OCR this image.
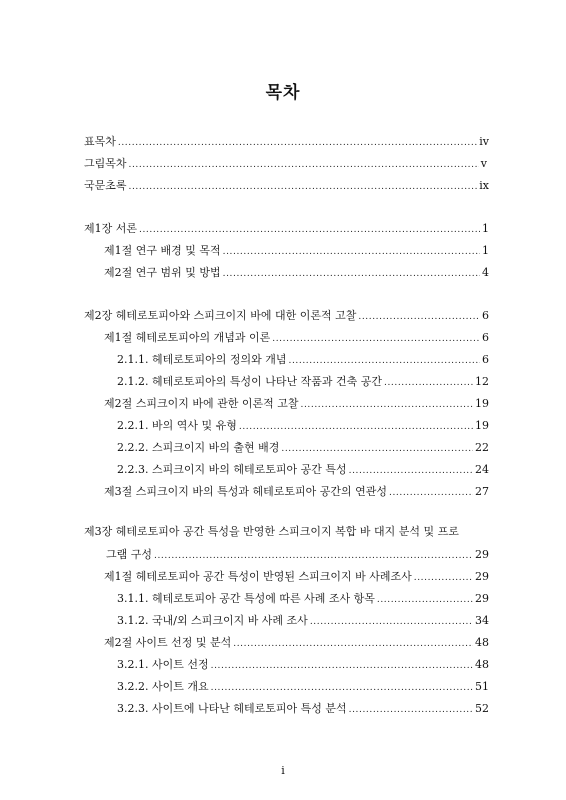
목차
표목차 .....	iv
그림목차 .....	v
국문초록 .....	ix
제1장 서론 .....	1
제1절 연구 배경 및 목적 .....	1
제2절 연구 범위 및 방법 .....	4
제2장 헤테로토피아와 스피크이지 바에 대한 이론적 고찰 .....	6
제1절 헤테로토피아의 개념과 이론 .....	6
2.1.1. 헤테로토피아의 정의와 개념 .....	6
2.1.2. 헤테로토피아의 특성이 나타난 작품과 건축 공간 .....	12
제2절 스피크이지 바에 관한 이론적 고찰 .....	19
2.2.1. 바의 역사 및 유형 .....	19
2.2.2. 스피크이지 바의 출현 배경 .....	22
2.2.3. 스피크이지 바의 헤테로토피아 공간 특성 .....	24
제3절 스피크이지 바의 특성과 헤테로토피아 공간의 연관성 .....	27
제3장 헤테로토피아 공간 특성을 반영한 스피크이지 복합 바 대지 분석 및 프로
그램 구성 .....	29
제1절 헤테로토피아 공간 특성이 반영된 스피크이지 바 사례조사 .....	29
3.1.1. 헤테로토피아 공간 특성에 따른 사례 조사 항목 .....	29
3.1.2. 국내/외 스피크이지 바 사례 조사 .....	34
제2절 사이트 선정 및 분석 .....	48
3.2.1. 사이트 선정 .....	48
3.2.2. 사이트 개요 .....	51
3.2.3. 사이트에 나타난 헤테로토피아 특성 분석 .....	52
i
